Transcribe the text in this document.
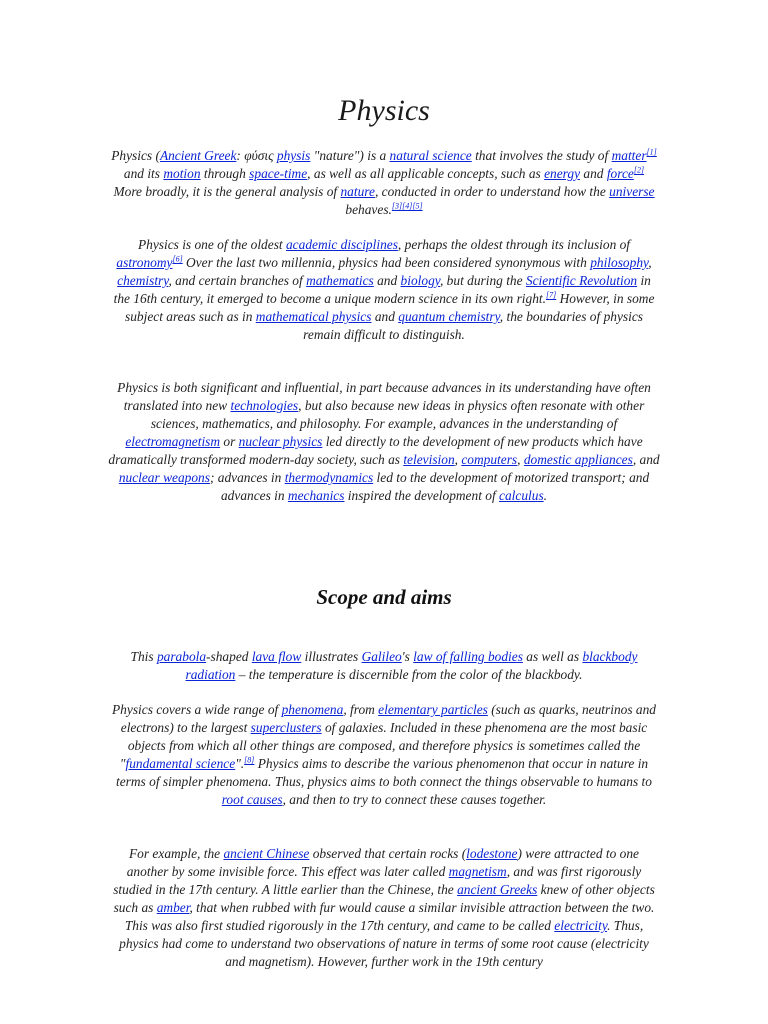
Physics

Physics (Ancient Greek: φύσις physis "nature") is a natural science that involves the study of matter[1] and its motion through space-time, as well as all applicable concepts, such as energy and force[2] More broadly, it is the general analysis of nature, conducted in order to understand how the universe behaves.[3][4][5]

Physics is one of the oldest academic disciplines, perhaps the oldest through its inclusion of astronomy[6] Over the last two millennia, physics had been considered synonymous with philosophy, chemistry, and certain branches of mathematics and biology, but during the Scientific Revolution in the 16th century, it emerged to become a unique modern science in its own right.[7] However, in some subject areas such as in mathematical physics and quantum chemistry, the boundaries of physics remain difficult to distinguish.

Physics is both significant and influential, in part because advances in its understanding have often translated into new technologies, but also because new ideas in physics often resonate with other sciences, mathematics, and philosophy. For example, advances in the understanding of electromagnetism or nuclear physics led directly to the development of new products which have dramatically transformed modern-day society, such as television, computers, domestic appliances, and nuclear weapons; advances in thermodynamics led to the development of motorized transport; and advances in mechanics inspired the development of calculus.

Scope and aims

This parabola-shaped lava flow illustrates Galileo's law of falling bodies as well as blackbody radiation – the temperature is discernible from the color of the blackbody.

Physics covers a wide range of phenomena, from elementary particles (such as quarks, neutrinos and electrons) to the largest superclusters of galaxies. Included in these phenomena are the most basic objects from which all other things are composed, and therefore physics is sometimes called the "fundamental science".[8] Physics aims to describe the various phenomenon that occur in nature in terms of simpler phenomena. Thus, physics aims to both connect the things observable to humans to root causes, and then to try to connect these causes together.

For example, the ancient Chinese observed that certain rocks (lodestone) were attracted to one another by some invisible force. This effect was later called magnetism, and was first rigorously studied in the 17th century. A little earlier than the Chinese, the ancient Greeks knew of other objects such as amber, that when rubbed with fur would cause a similar invisible attraction between the two. This was also first studied rigorously in the 17th century, and came to be called electricity. Thus, physics had come to understand two observations of nature in terms of some root cause (electricity and magnetism). However, further work in the 19th century
